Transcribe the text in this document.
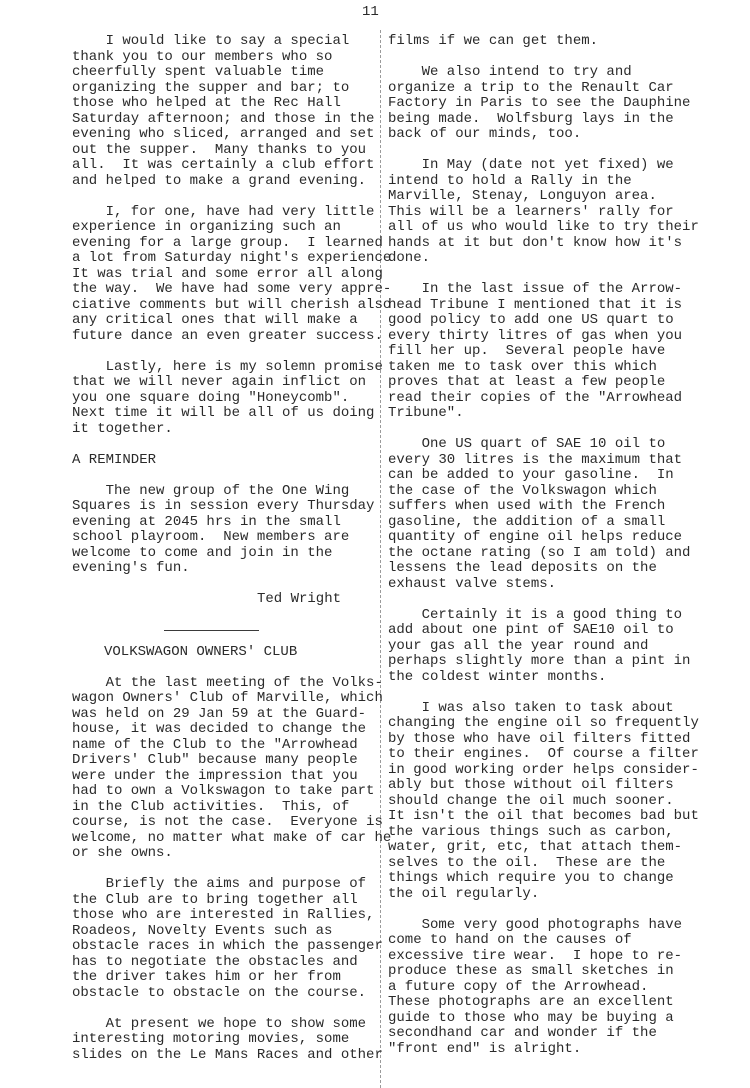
11

I would like to say a special
thank you to our members who so
cheerfully spent valuable time
organizing the supper and bar; to
those who helped at the Rec Hall
Saturday afternoon; and those in the
evening who sliced, arranged and set
out the supper.  Many thanks to you
all.  It was certainly a club effort
and helped to make a grand evening.

I, for one, have had very little
experience in organizing such an
evening for a large group.  I learned
a lot from Saturday night's experience
It was trial and some error all along
the way.  We have had some very appre-
ciative comments but will cherish also
any critical ones that will make a
future dance an even greater success.

Lastly, here is my solemn promise
that we will never again inflict on
you one square doing "Honeycomb".
Next time it will be all of us doing
it together.

A REMINDER

The new group of the One Wing
Squares is in session every Thursday
evening at 2045 hrs in the small
school playroom.  New members are
welcome to come and join in the
evening's fun.

Ted Wright

VOLKSWAGON OWNERS' CLUB

At the last meeting of the Volks-
wagon Owners' Club of Marville, which
was held on 29 Jan 59 at the Guard-
house, it was decided to change the
name of the Club to the "Arrowhead
Drivers' Club" because many people
were under the impression that you
had to own a Volkswagon to take part
in the Club activities.  This, of
course, is not the case.  Everyone is
welcome, no matter what make of car he
or she owns.

Briefly the aims and purpose of
the Club are to bring together all
those who are interested in Rallies,
Roadeos, Novelty Events such as
obstacle races in which the passenger
has to negotiate the obstacles and
the driver takes him or her from
obstacle to obstacle on the course.

At present we hope to show some
interesting motoring movies, some
slides on the Le Mans Races and other

films if we can get them.

We also intend to try and
organize a trip to the Renault Car
Factory in Paris to see the Dauphine
being made.  Wolfsburg lays in the
back of our minds, too.

In May (date not yet fixed) we
intend to hold a Rally in the
Marville, Stenay, Longuyon area.
This will be a learners' rally for
all of us who would like to try their
hands at it but don't know how it's
done.

In the last issue of the Arrow-
head Tribune I mentioned that it is
good policy to add one US quart to
every thirty litres of gas when you
fill her up.  Several people have
taken me to task over this which
proves that at least a few people
read their copies of the "Arrowhead
Tribune".

One US quart of SAE 10 oil to
every 30 litres is the maximum that
can be added to your gasoline.  In
the case of the Volkswagon which
suffers when used with the French
gasoline, the addition of a small
quantity of engine oil helps reduce
the octane rating (so I am told) and
lessens the lead deposits on the
exhaust valve stems.

Certainly it is a good thing to
add about one pint of SAE10 oil to
your gas all the year round and
perhaps slightly more than a pint in
the coldest winter months.

I was also taken to task about
changing the engine oil so frequently
by those who have oil filters fitted
to their engines.  Of course a filter
in good working order helps consider-
ably but those without oil filters
should change the oil much sooner.
It isn't the oil that becomes bad but
the various things such as carbon,
water, grit, etc, that attach them-
selves to the oil.  These are the
things which require you to change
the oil regularly.

Some very good photographs have
come to hand on the causes of
excessive tire wear.  I hope to re-
produce these as small sketches in
a future copy of the Arrowhead.
These photographs are an excellent
guide to those who may be buying a
secondhand car and wonder if the
"front end" is alright.
